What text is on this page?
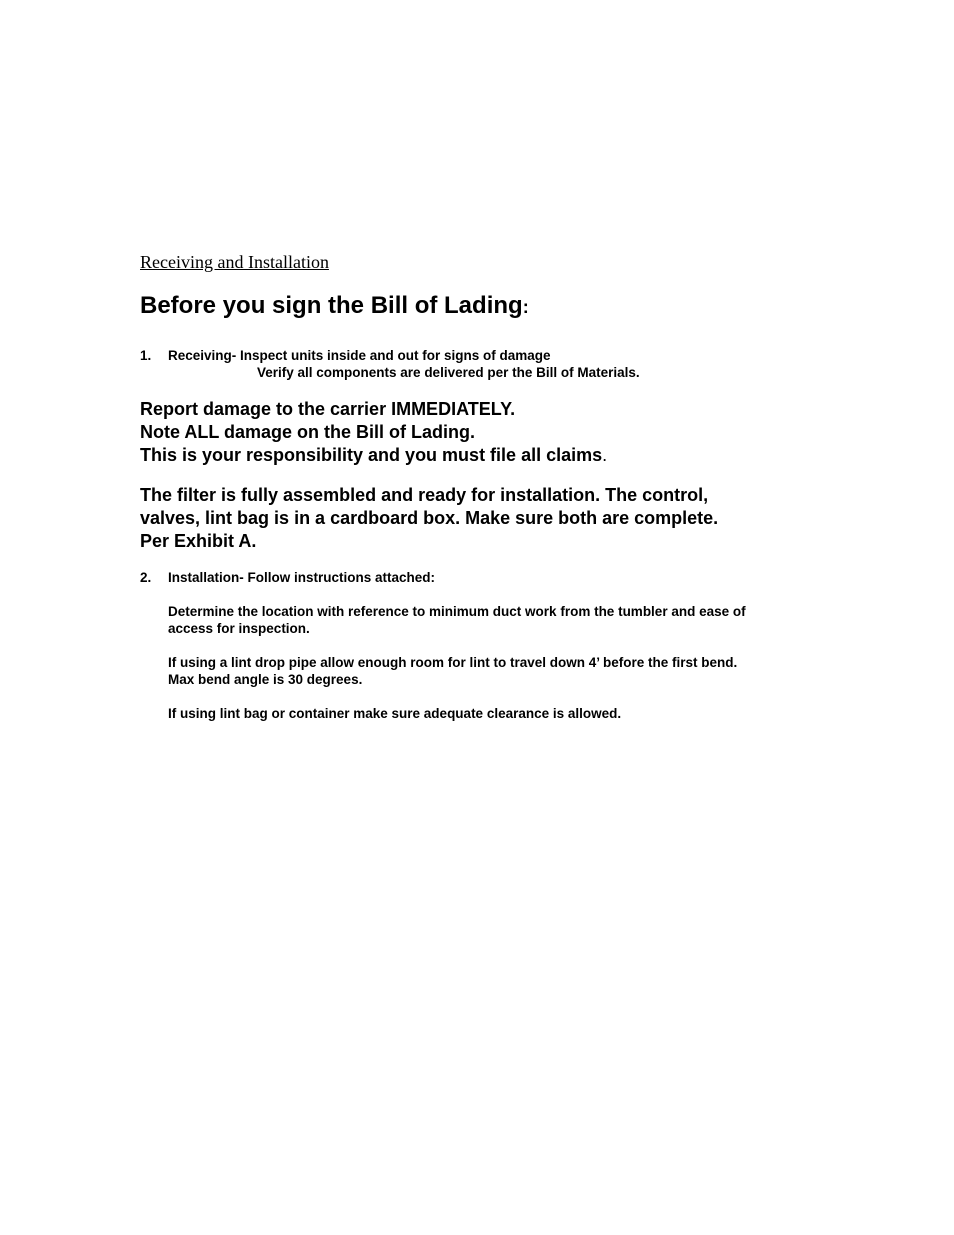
Receiving and Installation
Before you sign the Bill of Lading:
1. Receiving- Inspect units inside and out for signs of damage
Verify all components are delivered per the Bill of Materials.
Report damage to the carrier IMMEDIATELY.
Note ALL damage on the Bill of Lading.
This is your responsibility and you must file all claims.
The filter is fully assembled and ready for installation. The control,
valves, lint bag is in a cardboard box. Make sure both are complete.
Per Exhibit A.
2. Installation- Follow instructions attached:
Determine the location with reference to minimum duct work from the tumbler and ease of
access for inspection.
If using a lint drop pipe allow enough room for lint to travel down 4’ before the first bend.
Max bend angle is 30 degrees.
If using lint bag or container make sure adequate clearance is allowed.
